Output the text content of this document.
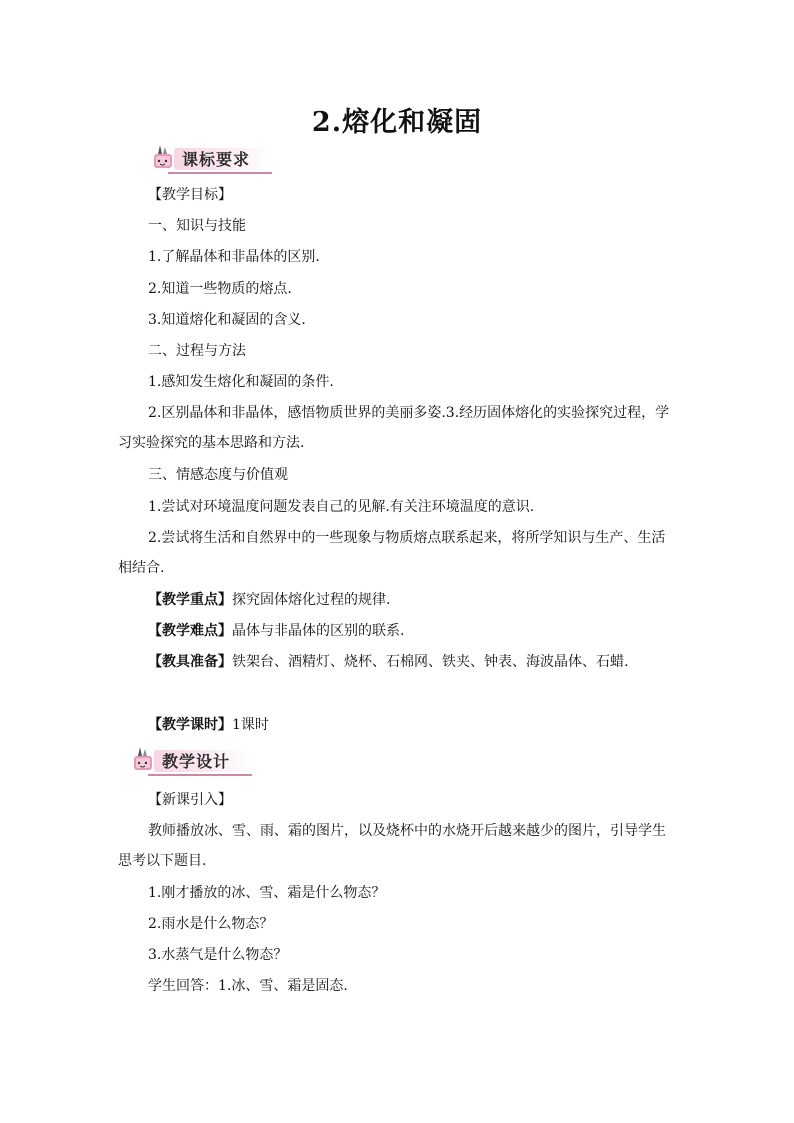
2.熔化和凝固
课标要求
【教学目标】
一、知识与技能
1.了解晶体和非晶体的区别.
2.知道一些物质的熔点.
3.知道熔化和凝固的含义.
二、过程与方法
1.感知发生熔化和凝固的条件.
2.区别晶体和非晶体，感悟物质世界的美丽多姿.3.经历固体熔化的实验探究过程，学习实验探究的基本思路和方法.
三、情感态度与价值观
1.尝试对环境温度问题发表自己的见解.有关注环境温度的意识.
2.尝试将生活和自然界中的一些现象与物质熔点联系起来，将所学知识与生产、生活相结合.
【教学重点】探究固体熔化过程的规律.
【教学难点】晶体与非晶体的区别的联系.
【教具准备】铁架台、酒精灯、烧杯、石棉网、铁夹、钟表、海波晶体、石蜡.
【教学课时】1课时
教学设计
【新课引入】
教师播放冰、雪、雨、霜的图片，以及烧杯中的水烧开后越来越少的图片，引导学生思考以下题目.
1.刚才播放的冰、雪、霜是什么物态？
2.雨水是什么物态？
3.水蒸气是什么物态？
学生回答：1.冰、雪、霜是固态.
